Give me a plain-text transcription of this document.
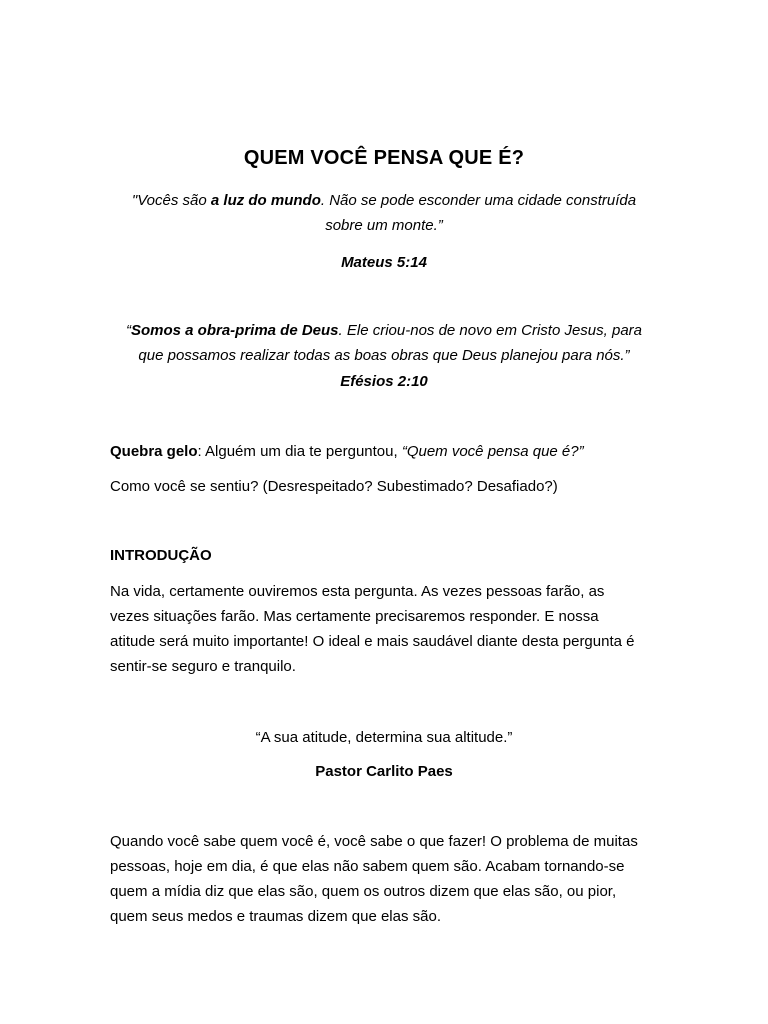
QUEM VOCÊ PENSA QUE É?
"Vocês são a luz do mundo. Não se pode esconder uma cidade construída
sobre um monte.”
Mateus 5:14
“Somos a obra-prima de Deus. Ele criou-nos de novo em Cristo Jesus, para
que possamos realizar todas as boas obras que Deus planejou para nós.”
Efésios 2:10
Quebra gelo: Alguém um dia te perguntou, “Quem você pensa que é?”
Como você se sentiu? (Desrespeitado? Subestimado? Desafiado?)
INTRODUÇÃO
Na vida, certamente ouviremos esta pergunta. As vezes pessoas farão, as
vezes situações farão. Mas certamente precisaremos responder. E nossa
atitude será muito importante! O ideal e mais saudável diante desta pergunta é
sentir-se seguro e tranquilo.
“A sua atitude, determina sua altitude.”
Pastor Carlito Paes
Quando você sabe quem você é, você sabe o que fazer! O problema de muitas
pessoas, hoje em dia, é que elas não sabem quem são. Acabam tornando-se
quem a mídia diz que elas são, quem os outros dizem que elas são, ou pior,
quem seus medos e traumas dizem que elas são.
